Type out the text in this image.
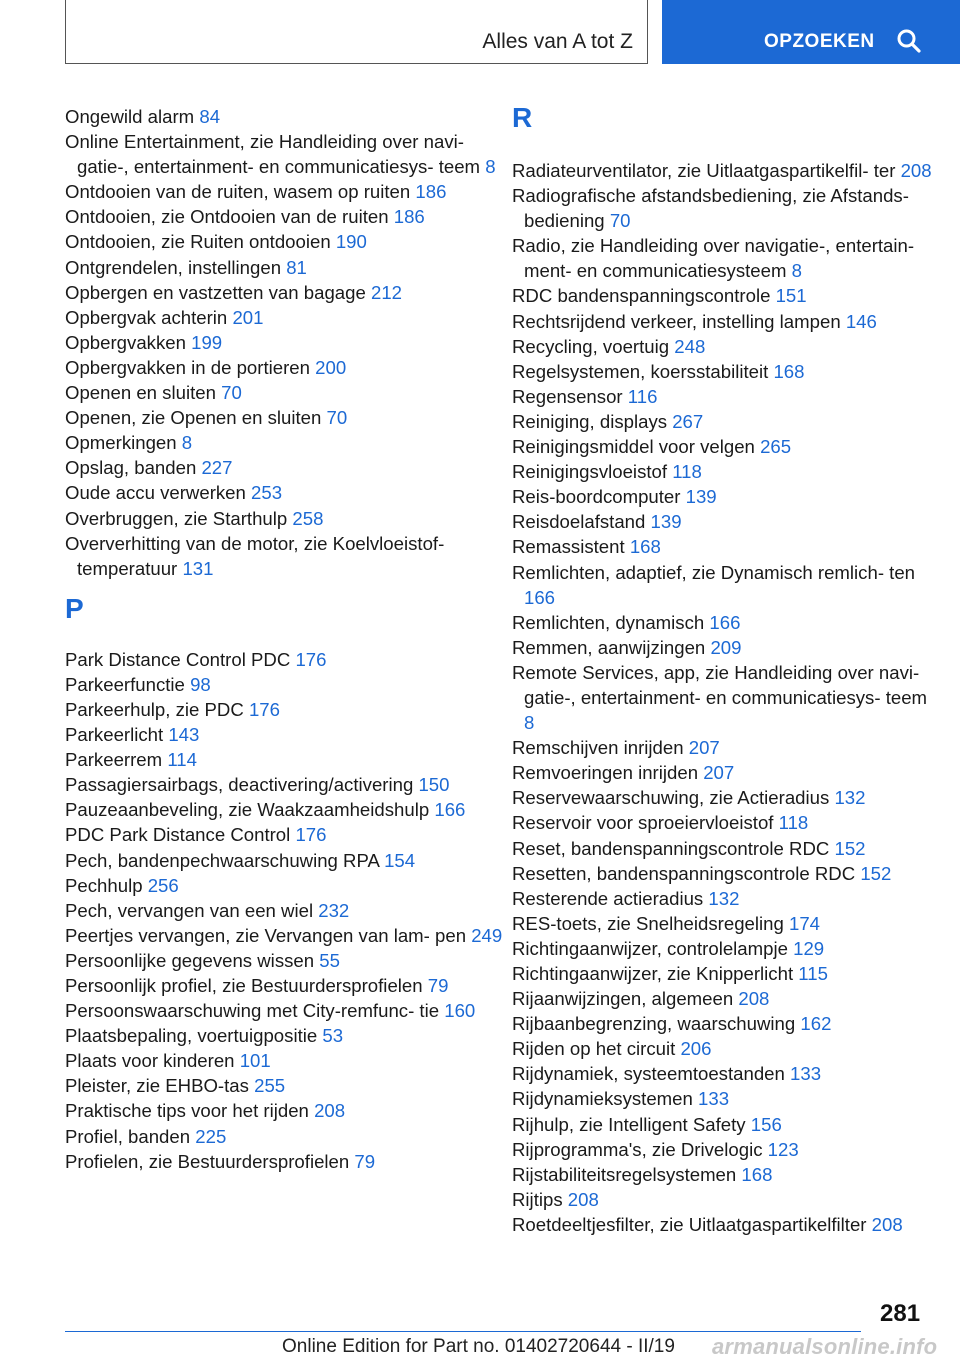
Alles van A tot Z	OPZOEKEN
Ongewild alarm 84
Online Entertainment, zie Handleiding over navi- gatie-, entertainment- en communicatiesys- teem 8
Ontdooien van de ruiten, wasem op ruiten 186
Ontdooien, zie Ontdooien van de ruiten 186
Ontdooien, zie Ruiten ontdooien 190
Ontgrendelen, instellingen 81
Opbergen en vastzetten van bagage 212
Opbergvak achterin 201
Opbergvakken 199
Opbergvakken in de portieren 200
Openen en sluiten 70
Openen, zie Openen en sluiten 70
Opmerkingen 8
Opslag, banden 227
Oude accu verwerken 253
Overbruggen, zie Starthulp 258
Oververhitting van de motor, zie Koelvloeistof- temperatuur 131
P
Park Distance Control PDC 176
Parkeerfunctie 98
Parkeerhulp, zie PDC 176
Parkeerlicht 143
Parkeerrem 114
Passagiersairbags, deactivering/activering 150
Pauzeaanbeveling, zie Waakzaamheidshulp 166
PDC Park Distance Control 176
Pech, bandenpechwaarschuwing RPA 154
Pechhulp 256
Pech, vervangen van een wiel 232
Peertjes vervangen, zie Vervangen van lam- pen 249
Persoonlijke gegevens wissen 55
Persoonlijk profiel, zie Bestuurdersprofielen 79
Persoonswaarschuwing met City-remfunc- tie 160
Plaatsbepaling, voertuigpositie 53
Plaats voor kinderen 101
Pleister, zie EHBO-tas 255
Praktische tips voor het rijden 208
Profiel, banden 225
Profielen, zie Bestuurdersprofielen 79
R
Radiateurventilator, zie Uitlaatgaspartikelfil- ter 208
Radiografische afstandsbediening, zie Afstands- bediening 70
Radio, zie Handleiding over navigatie-, entertain- ment- en communicatiesysteem 8
RDC bandenspanningscontrole 151
Rechtsrijdend verkeer, instelling lampen 146
Recycling, voertuig 248
Regelsystemen, koersstabiliteit 168
Regensensor 116
Reiniging, displays 267
Reinigingsmiddel voor velgen 265
Reinigingsvloeistof 118
Reis-boordcomputer 139
Reisdoelafstand 139
Remassistent 168
Remlichten, adaptief, zie Dynamisch remlich- ten 166
Remlichten, dynamisch 166
Remmen, aanwijzingen 209
Remote Services, app, zie Handleiding over navi- gatie-, entertainment- en communicatiesys- teem 8
Remschijven inrijden 207
Remvoeringen inrijden 207
Reservewaarschuwing, zie Actieradius 132
Reservoir voor sproeiervloeistof 118
Reset, bandenspanningscontrole RDC 152
Resetten, bandenspanningscontrole RDC 152
Resterende actieradius 132
RES-toets, zie Snelheidsregeling 174
Richtingaanwijzer, controlelampje 129
Richtingaanwijzer, zie Knipperlicht 115
Rijaanwijzingen, algemeen 208
Rijbaanbegrenzing, waarschuwing 162
Rijden op het circuit 206
Rijdynamiek, systeemtoestanden 133
Rijdynamieksystemen 133
Rijhulp, zie Intelligent Safety 156
Rijprogramma's, zie Drivelogic 123
Rijstabiliteitsregelsystemen 168
Rijtips 208
Roetdeeltjesfilter, zie Uitlaatgaspartikelfilter 208
281
Online Edition for Part no. 01402720644 - II/19 armanualsonline.info
